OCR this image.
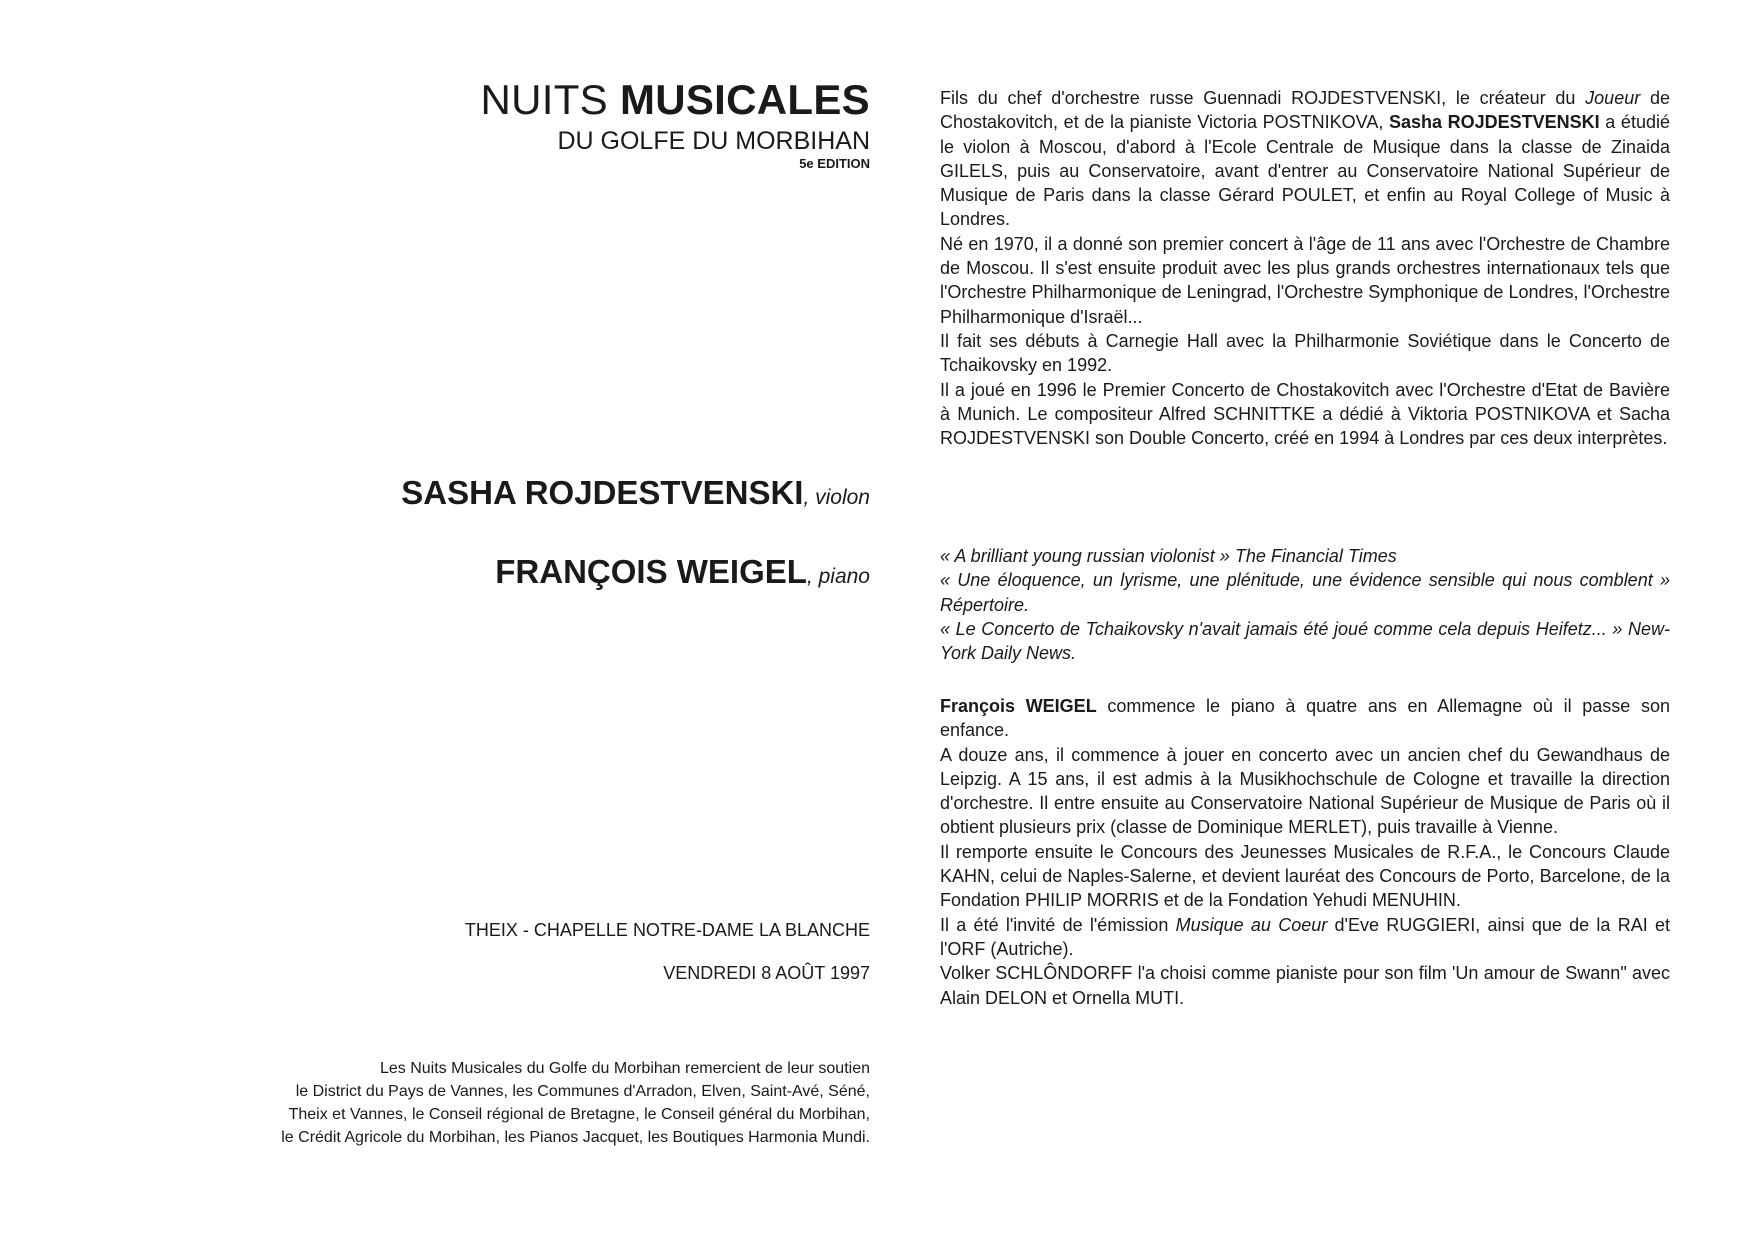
NUITS MUSICALES
DU GOLFE DU MORBIHAN
5e EDITION
SASHA ROJDESTVENSKI, violon
FRANÇOIS WEIGEL, piano
THEIX - CHAPELLE NOTRE-DAME LA BLANCHE
VENDREDI 8 AOÛT 1997
Les Nuits Musicales du Golfe du Morbihan remercient de leur soutien
le District du Pays de Vannes, les Communes d'Arradon, Elven, Saint-Avé, Séné,
Theix et Vannes, le Conseil régional de Bretagne, le Conseil général du Morbihan,
le Crédit Agricole du Morbihan, les Pianos Jacquet, les Boutiques Harmonia Mundi.

Fils du chef d'orchestre russe Guennadi ROJDESTVENSKI, le créateur du Joueur de Chostakovitch, et de la pianiste Victoria POSTNIKOVA, Sasha ROJDESTVENSKI a étudié le violon à Moscou, d'abord à l'Ecole Centrale de Musique dans la classe de Zinaida GILELS, puis au Conservatoire, avant d'entrer au Conservatoire National Supérieur de Musique de Paris dans la classe Gérard POULET, et enfin au Royal College of Music à Londres.

Né en 1970, il a donné son premier concert à l'âge de 11 ans avec l'Orchestre de Chambre de Moscou. Il s'est ensuite produit avec les plus grands orchestres internationaux tels que l'Orchestre Philharmonique de Leningrad, l'Orchestre Symphonique de Londres, l'Orchestre Philharmonique d'Israël...

Il fait ses débuts à Carnegie Hall avec la Philharmonie Soviétique dans le Concerto de Tchaikovsky en 1992.

Il a joué en 1996 le Premier Concerto de Chostakovitch avec l'Orchestre d'Etat de Bavière à Munich. Le compositeur Alfred SCHNITTKE a dédié à Viktoria POSTNIKOVA et Sacha ROJDESTVENSKI son Double Concerto, créé en 1994 à Londres par ces deux interprètes.

« A brilliant young russian violonist » The Financial Times

« Une éloquence, un lyrisme, une plénitude, une évidence sensible qui nous comblent » Répertoire.

« Le Concerto de Tchaikovsky n'avait jamais été joué comme cela depuis Heifetz... » New-York Daily News.

François WEIGEL commence le piano à quatre ans en Allemagne où il passe son enfance.

A douze ans, il commence à jouer en concerto avec un ancien chef du Gewandhaus de Leipzig. A 15 ans, il est admis à la Musikhochschule de Cologne et travaille la direction d'orchestre. Il entre ensuite au Conservatoire National Supérieur de Musique de Paris où il obtient plusieurs prix (classe de Dominique MERLET), puis travaille à Vienne.

Il remporte ensuite le Concours des Jeunesses Musicales de R.F.A., le Concours Claude KAHN, celui de Naples-Salerne, et devient lauréat des Concours de Porto, Barcelone, de la Fondation PHILIP MORRIS et de la Fondation Yehudi MENUHIN.

Il a été l'invité de l'émission Musique au Coeur d'Eve RUGGIERI, ainsi que de la RAI et l'ORF (Autriche).

Volker SCHLÔNDORFF l'a choisi comme pianiste pour son film 'Un amour de Swann" avec Alain DELON et Ornella MUTI.
